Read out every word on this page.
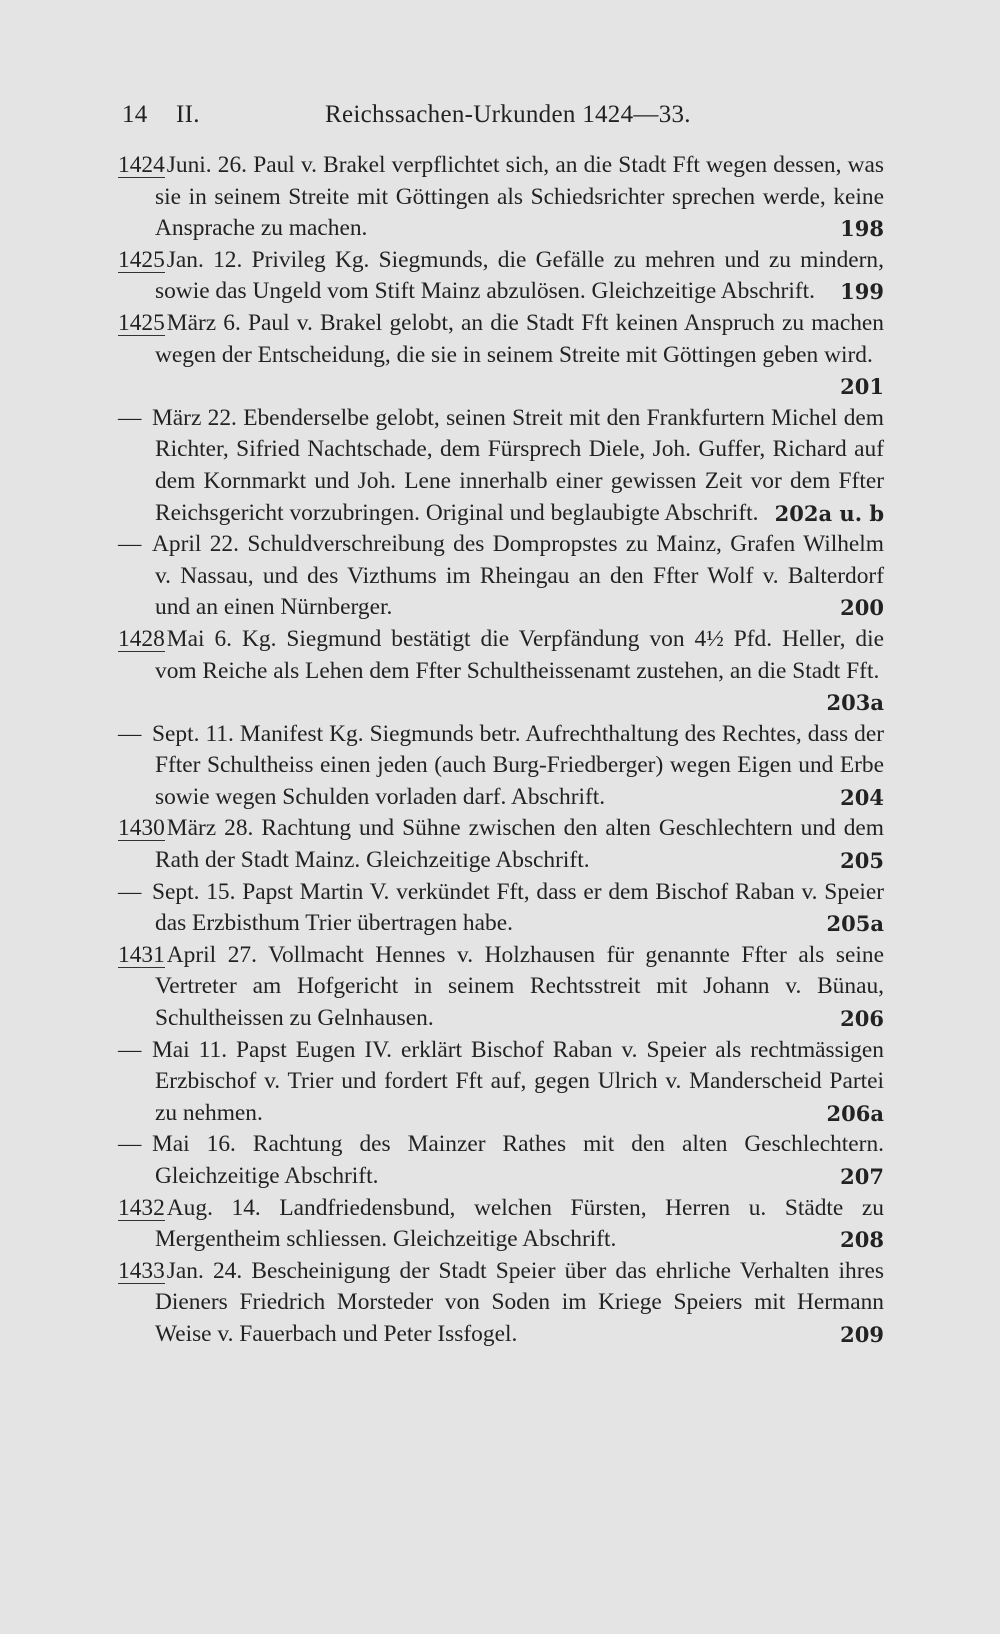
14 II.	Reichssachen-Urkunden 1424—33.

1424Juni. 26. Paul v. Brakel verpflichtet sich, an die Stadt Fft wegen dessen, was sie in seinem Streite mit Göttingen als Schiedsrichter sprechen werde, keine Ansprache zu machen.	198

1425Jan. 12. Privileg Kg. Siegmunds, die Gefälle zu mehren und zu mindern, sowie das Ungeld vom Stift Mainz abzulösen. Gleichzeitige Abschrift. 199

1425März 6. Paul v. Brakel gelobt, an die Stadt Fft keinen Anspruch zu machen wegen der Entscheidung, die sie in seinem Streite mit Göttingen geben wird.
201

— März 22. Ebenderselbe gelobt, seinen Streit mit den Frankfurtern Michel dem Richter, Sifried Nachtschade, dem Fürsprech Diele, Joh. Guffer, Richard auf dem Kornmarkt und Joh. Lene innerhalb einer gewissen Zeit vor dem Ffter Reichsgericht vorzubringen. Original und beglaubigte Abschrift. 202a u. b

— April 22. Schuldverschreibung des Dompropstes zu Mainz, Grafen Wilhelm v. Nassau, und des Vizthums im Rheingau an den Ffter Wolf v. Balterdorf und an einen Nürnberger.	200

1428Mai 6. Kg. Siegmund bestätigt die Verpfändung von 4½ Pfd. Heller, die vom Reiche als Lehen dem Ffter Schultheissenamt zustehen, an die Stadt Fft.
203a

— Sept. 11. Manifest Kg. Siegmunds betr. Aufrechthaltung des Rechtes, dass der Ffter Schultheiss einen jeden (auch Burg-Friedberger) wegen Eigen und Erbe sowie wegen Schulden vorladen darf. Abschrift.	204

1430März 28. Rachtung und Sühne zwischen den alten Geschlechtern und dem Rath der Stadt Mainz. Gleichzeitige Abschrift.	205

— Sept. 15. Papst Martin V. verkündet Fft, dass er dem Bischof Raban v. Speier das Erzbisthum Trier übertragen habe.	205a

1431April 27. Vollmacht Hennes v. Holzhausen für genannte Ffter als seine Vertreter am Hofgericht in seinem Rechtsstreit mit Johann v. Bünau, Schultheissen zu Gelnhausen.	206

— Mai 11. Papst Eugen IV. erklärt Bischof Raban v. Speier als rechtmässigen Erzbischof v. Trier und fordert Fft auf, gegen Ulrich v. Manderscheid Partei zu nehmen.	206a

— Mai 16. Rachtung des Mainzer Rathes mit den alten Geschlechtern. Gleichzeitige Abschrift.	207

1432Aug. 14. Landfriedensbund, welchen Fürsten, Herren u. Städte zu Mergentheim schliessen. Gleichzeitige Abschrift.	208

1433Jan. 24. Bescheinigung der Stadt Speier über das ehrliche Verhalten ihres Dieners Friedrich Morsteder von Soden im Kriege Speiers mit Hermann Weise v. Fauerbach und Peter Issfogel.	209
